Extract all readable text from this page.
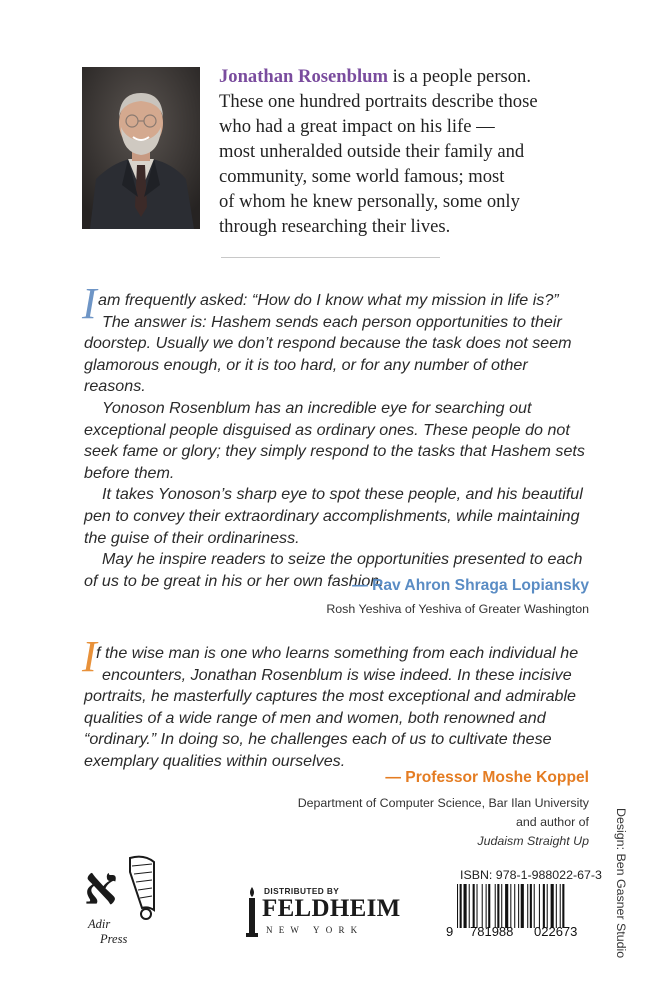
Jonathan Rosenblum is a people person.
These one hundred portraits describe those
who had a great impact on his life —
most unheralded outside their family and
community, some world famous; most
of whom he knew personally, some only
through researching their lives.
I am frequently asked: “How do I know what my mission in life is?”
The answer is: Hashem sends each person opportunities to their
doorstep. Usually we don’t respond because the task does not seem
glamorous enough, or it is too hard, or for any number of other
reasons.
Yonoson Rosenblum has an incredible eye for searching out
exceptional people disguised as ordinary ones. These people do not
seek fame or glory; they simply respond to the tasks that Hashem sets
before them.
It takes Yonoson’s sharp eye to spot these people, and his beautiful
pen to convey their extraordinary accomplishments, while maintaining
the guise of their ordinariness.
May he inspire readers to seize the opportunities presented to each
of us to be great in his or her own fashion.
— Rav Ahron Shraga Lopiansky
Rosh Yeshiva of Yeshiva of Greater Washington
I f the wise man is one who learns something from each individual he
encounters, Jonathan Rosenblum is wise indeed. In these incisive
portraits, he masterfully captures the most exceptional and admirable
qualities of a wide range of men and women, both renowned and
“ordinary.” In doing so, he challenges each of us to cultivate these
exemplary qualities within ourselves.
— Professor Moshe Koppel
Department of Computer Science, Bar Ilan University
and author of
Judaism Straight Up Design: Ben Gasner Studio
א
Adir
Press
DISTRIBUTED BY
FELDHEIM
NEW YORK
ISBN: 978-1-988022-67-3
9 781988 022673
